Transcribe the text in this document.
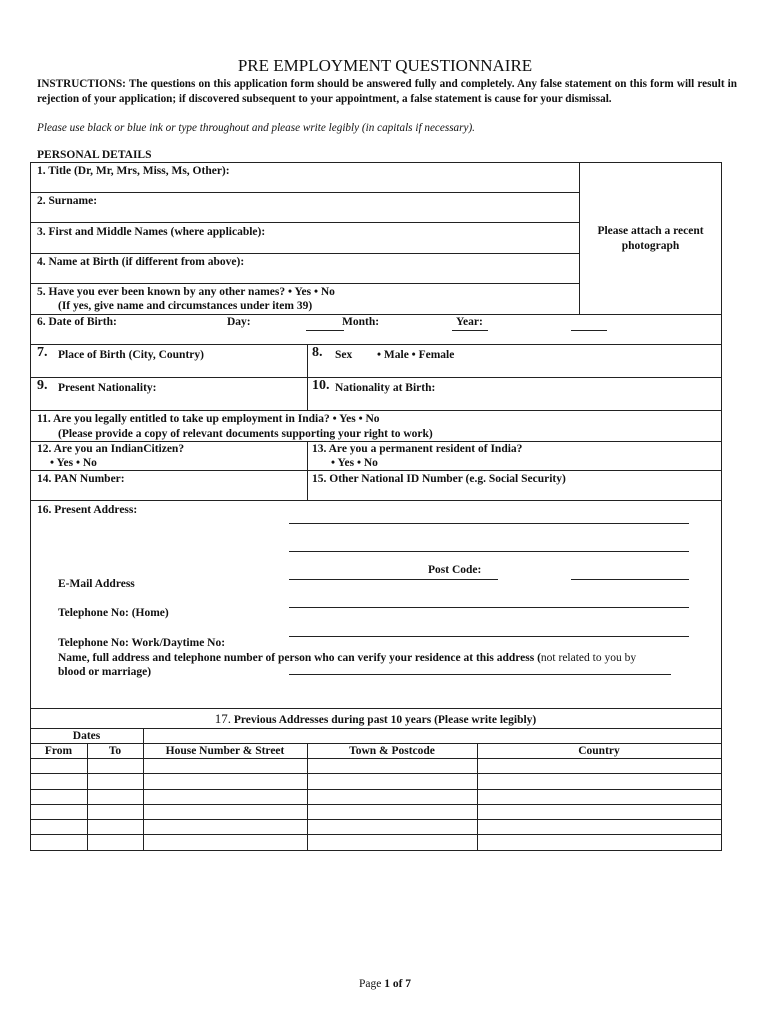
PRE EMPLOYMENT QUESTIONNAIRE
INSTRUCTIONS: The questions on this application form should be answered fully and completely. Any false statement on this form will result in rejection of your application; if discovered subsequent to your appointment, a false statement is cause for your dismissal.
Please use black or blue ink or type throughout and please write legibly (in capitals if necessary).
PERSONAL DETAILS
Please attach a recent photograph
1. Title (Dr, Mr, Mrs, Miss, Ms, Other):
2. Surname:
3. First and Middle Names (where applicable):
4. Name at Birth (if different from above):
5. Have you ever been known by any other names? • Yes • No
(If yes, give name and circumstances under item 39)
6. Date of Birth:	Day:	Month:	Year:
7. Place of Birth (City, Country)	8. Sex • Male • Female
9. Present Nationality:	10. Nationality at Birth:
11. Are you legally entitled to take up employment in India? • Yes • No
(Please provide a copy of relevant documents supporting your right to work)
12. Are you an IndianCitizen?
• Yes • No
13. Are you a permanent resident of India?
• Yes • No
14. PAN Number:	15. Other National ID Number (e.g. Social Security)
16. Present Address:
Post Code:
E-Mail Address
Telephone No: (Home)
Telephone No: Work/Daytime No:
Name, full address and telephone number of person who can verify your residence at this address (not related to you by
blood or marriage)
17. Previous Addresses during past 10 years (Please write legibly)
Dates
From	To	House Number & Street	Town & Postcode	Country
Page 1 of 7
